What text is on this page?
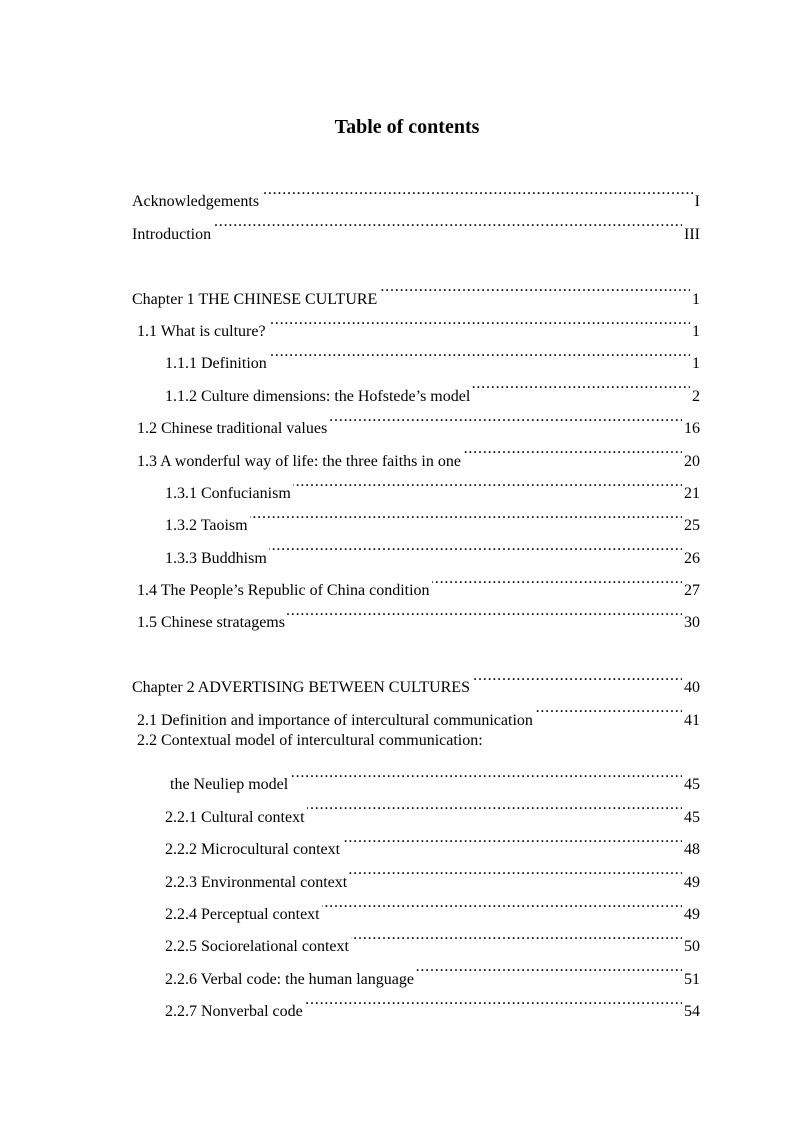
Table of contents
Acknowledgements . . .	I
Introduction . . .	III
Chapter 1 THE CHINESE CULTURE . . .	1
1.1 What is culture? . . .	1
1.1.1 Definition . . .	1
1.1.2 Culture dimensions: the Hofstede’s model . . .	2
1.2 Chinese traditional values . . .	16
1.3 A wonderful way of life: the three faiths in one . . .	20
1.3.1 Confucianism . . .	21
1.3.2 Taoism . . .	25
1.3.3 Buddhism . . .	26
1.4 The People’s Republic of China condition . . .	27
1.5 Chinese stratagems . . .	30
Chapter 2 ADVERTISING BETWEEN CULTURES . . .	40
2.1 Definition and importance of intercultural communication . . .	41
2.2 Contextual model of intercultural communication:
the Neuliep model . . .	45
2.2.1 Cultural context . . .	45
2.2.2 Microcultural context . . .	48
2.2.3 Environmental context . . .	49
2.2.4 Perceptual context . . .	49
2.2.5 Sociorelational context . . .	50
2.2.6 Verbal code: the human language . . .	51
2.2.7 Nonverbal code . . .	54
